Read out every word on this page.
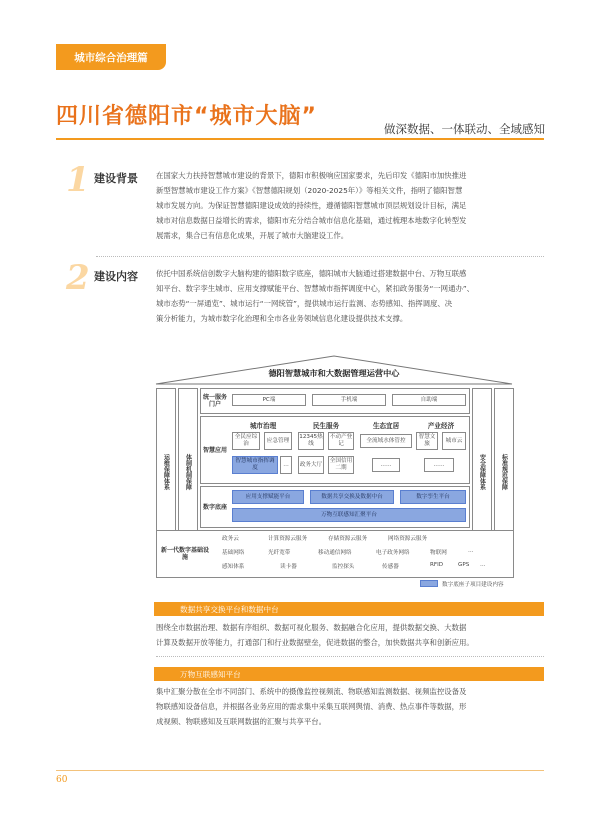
城市综合治理篇
四川省德阳市“城市大脑”	做深数据、一体联动、全域感知
1 建设背景 在国家大力扶持智慧城市建设的背景下，德阳市积极响应国家要求，先后印发《德阳市加快推进
新型智慧城市建设工作方案》《智慧德阳规划（2020-2025年）》等相关文件，指明了德阳智慧
城市发展方向。为保证智慧德阳建设成效的持续性，遵循德阳智慧城市顶层规划设计目标，满足
城市对信息数据日益增长的需求，德阳市充分结合城市信息化基础，通过梳理本地数字化转型发
展需求，集合已有信息化成果，开展了城市大脑建设工作。
2 建设内容 依托中国系统信创数字大脑构建的德阳数字底座，德阳城市大脑通过搭建数据中台、万物互联感
知平台、数字孪生城市、应用支撑赋能平台、智慧城市指挥调度中心，紧扣政务服务“一网通办”、
城市态势“一屏通览”、城市运行“一网统管”，提供城市运行监测、态势感知、指挥调度、决
策分析能力，为城市数字化治理和全市各业务领域信息化建设提供技术支撑。
德阳智慧城市和大数据管理运营中心
运维保障体系	体制机制保障	安全保障体系	标准规范保障
统一服务门户
PC端	手机端	自助端
智慧应用
城市治理
全民应综治
应急管理
智慧城市指挥调度
…
民生服务
12345热线
不动产登记
政务大厅
全国信用二期
生态宜居
全流域水体管控
……
产业经济
智慧文旅
城市云
……
数字底座
应用支撑赋能平台	数据共享交换及数据中台	数字孪生平台
万物互联感知汇聚平台
新一代数字基础设施
政务云	计算资源云服务	存储资源云服务	网络资源云服务
基础网络	光纤宽带	移动通信网络	电子政务网络	物联网	…
感知体系	读卡器	监控探头	传感器	RFID	GPS …
数字底座子项目建设内容
数据共享交换平台和数据中台
围绕全市数据治理、数据有序组织、数据可视化服务、数据融合化应用，提供数据交换、大数据
计算及数据开放等能力，打通部门和行业数据壁垒，促进数据的整合，加快数据共享和创新应用。
万物互联感知平台
集中汇聚分散在全市不同部门、系统中的摄像监控视频流、物联感知监测数据、视频监控设备及
物联感知设备信息，并根据各业务应用的需求集中采集互联网舆情、消费、热点事件等数据，形
成视频、物联感知及互联网数据的汇聚与共享平台。
60
